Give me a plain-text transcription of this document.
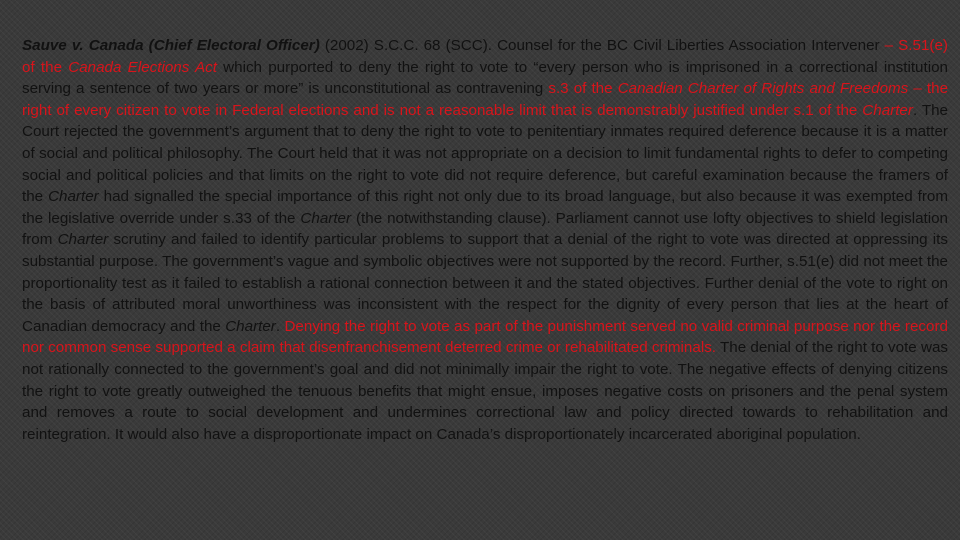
Sauve v. Canada (Chief Electoral Officer) (2002) S.C.C. 68 (SCC). Counsel for the BC Civil Liberties Association Intervener – S.51(e) of the Canada Elections Act which purported to deny the right to vote to “every person who is imprisoned in a correctional institution serving a sentence of two years or more” is unconstitutional as contravening s.3 of the Canadian Charter of Rights and Freedoms – the right of every citizen to vote in Federal elections and is not a reasonable limit that is demonstrably justified under s.1 of the Charter. The Court rejected the government’s argument that to deny the right to vote to penitentiary inmates required deference because it is a matter of social and political philosophy. The Court held that it was not appropriate on a decision to limit fundamental rights to defer to competing social and political policies and that limits on the right to vote did not require deference, but careful examination because the framers of the Charter had signalled the special importance of this right not only due to its broad language, but also because it was exempted from the legislative override under s.33 of the Charter (the notwithstanding clause). Parliament cannot use lofty objectives to shield legislation from Charter scrutiny and failed to identify particular problems to support that a denial of the right to vote was directed at oppressing its substantial purpose. The government’s vague and symbolic objectives were not supported by the record. Further, s.51(e) did not meet the proportionality test as it failed to establish a rational connection between it and the stated objectives. Further denial of the vote to right on the basis of attributed moral unworthiness was inconsistent with the respect for the dignity of every person that lies at the heart of Canadian democracy and the Charter. Denying the right to vote as part of the punishment served no valid criminal purpose nor the record nor common sense supported a claim that disenfranchisement deterred crime or rehabilitated criminals. The denial of the right to vote was not rationally connected to the government’s goal and did not minimally impair the right to vote. The negative effects of denying citizens the right to vote greatly outweighed the tenuous benefits that might ensue, imposes negative costs on prisoners and the penal system and removes a route to social development and undermines correctional law and policy directed towards to rehabilitation and reintegration. It would also have a disproportionate impact on Canada’s disproportionately incarcerated aboriginal population.
